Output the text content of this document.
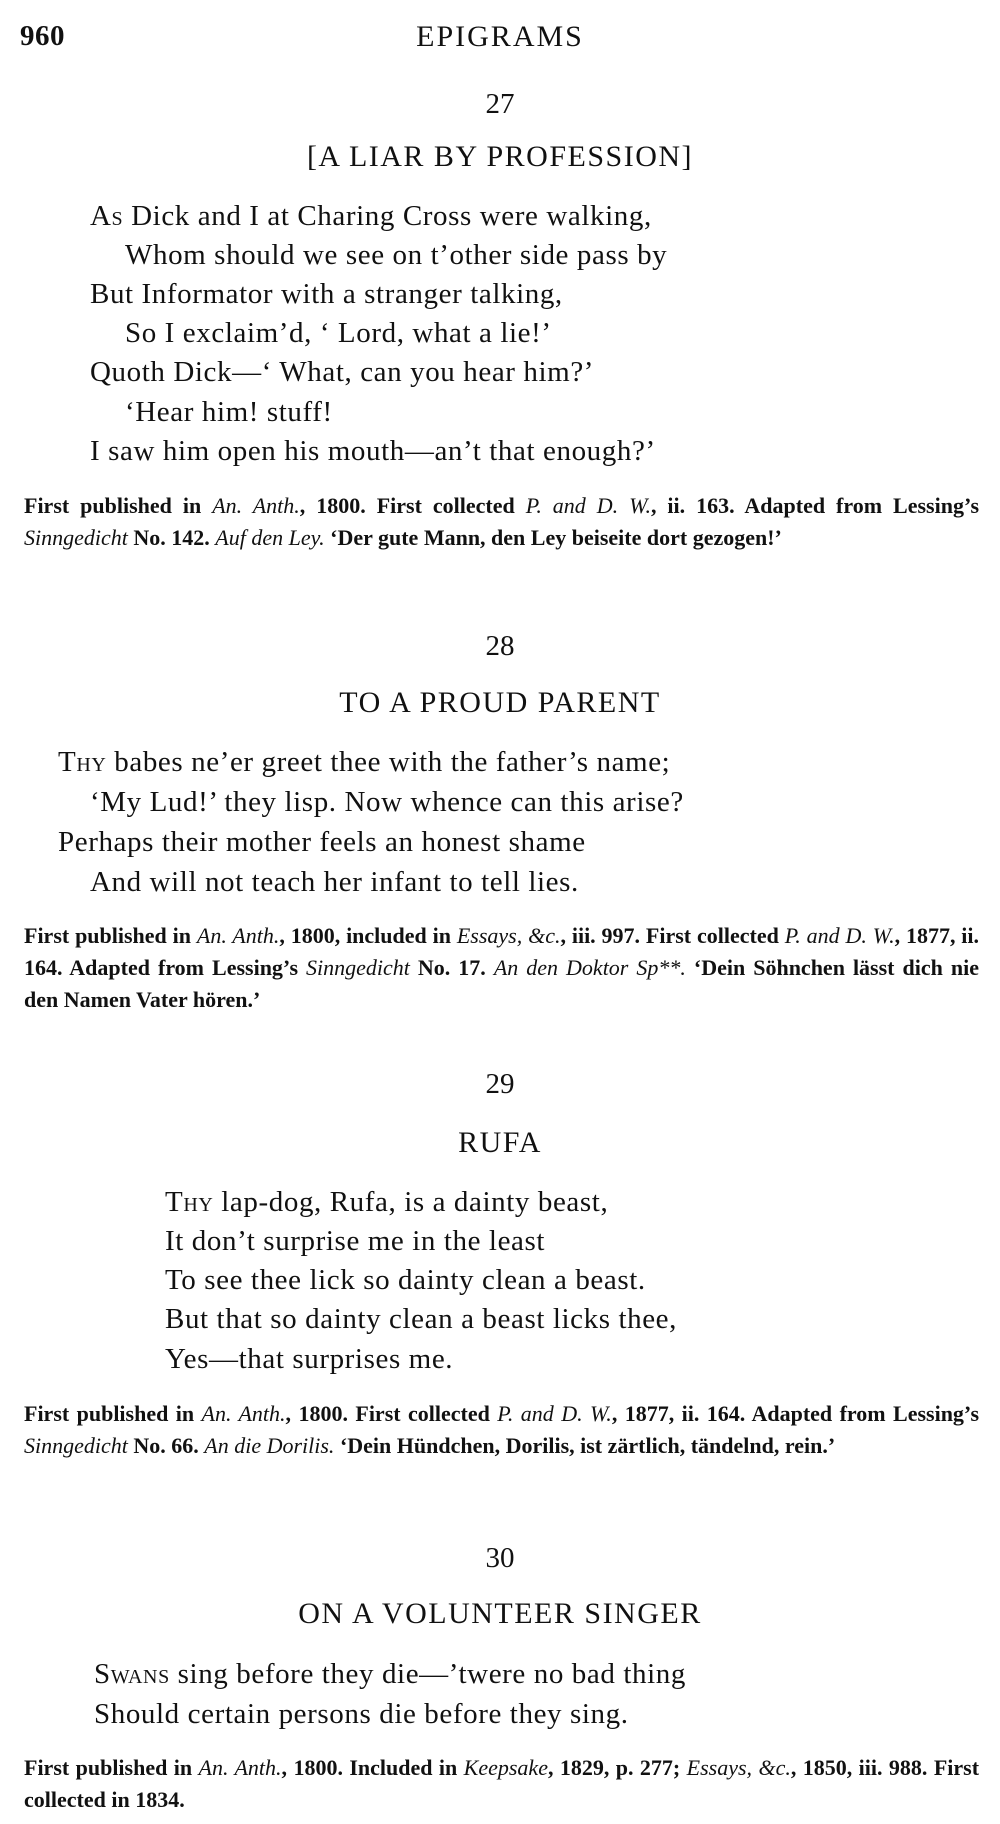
960	EPIGRAMS
27
[A LIAR BY PROFESSION]
As Dick and I at Charing Cross were walking,
Whom should we see on t’other side pass by
But Informator with a stranger talking,
So I exclaim’d, ‘ Lord, what a lie!’
Quoth Dick—‘ What, can you hear him?’
‘Hear him! stuff!
I saw him open his mouth—an’t that enough?’
First published in An. Anth., 1800. First collected P. and D. W., ii. 163. Adapted from Lessing’s Sinngedicht No. 142. Auf den Ley. ‘Der gute Mann, den Ley beiseite dort gezogen!’
28
TO A PROUD PARENT
Thy babes ne’er greet thee with the father’s name;
‘My Lud!’ they lisp. Now whence can this arise?
Perhaps their mother feels an honest shame
And will not teach her infant to tell lies.
First published in An. Anth., 1800, included in Essays, &c., iii. 997. First collected P. and D. W., 1877, ii. 164. Adapted from Lessing’s Sinngedicht No. 17. An den Doktor Sp**. ‘Dein Söhnchen lässt dich nie den Namen Vater hören.’
29
RUFA
Thy lap-dog, Rufa, is a dainty beast,
It don’t surprise me in the least
To see thee lick so dainty clean a beast.
But that so dainty clean a beast licks thee,
Yes—that surprises me.
First published in An. Anth., 1800. First collected P. and D. W., 1877, ii. 164. Adapted from Lessing’s Sinngedicht No. 66. An die Dorilis. ‘Dein Hündchen, Dorilis, ist zärtlich, tändelnd, rein.’
30
ON A VOLUNTEER SINGER
Swans sing before they die—’twere no bad thing
Should certain persons die before they sing.
First published in An. Anth., 1800. Included in Keepsake, 1829, p. 277; Essays, &c., 1850, iii. 988. First collected in 1834.
